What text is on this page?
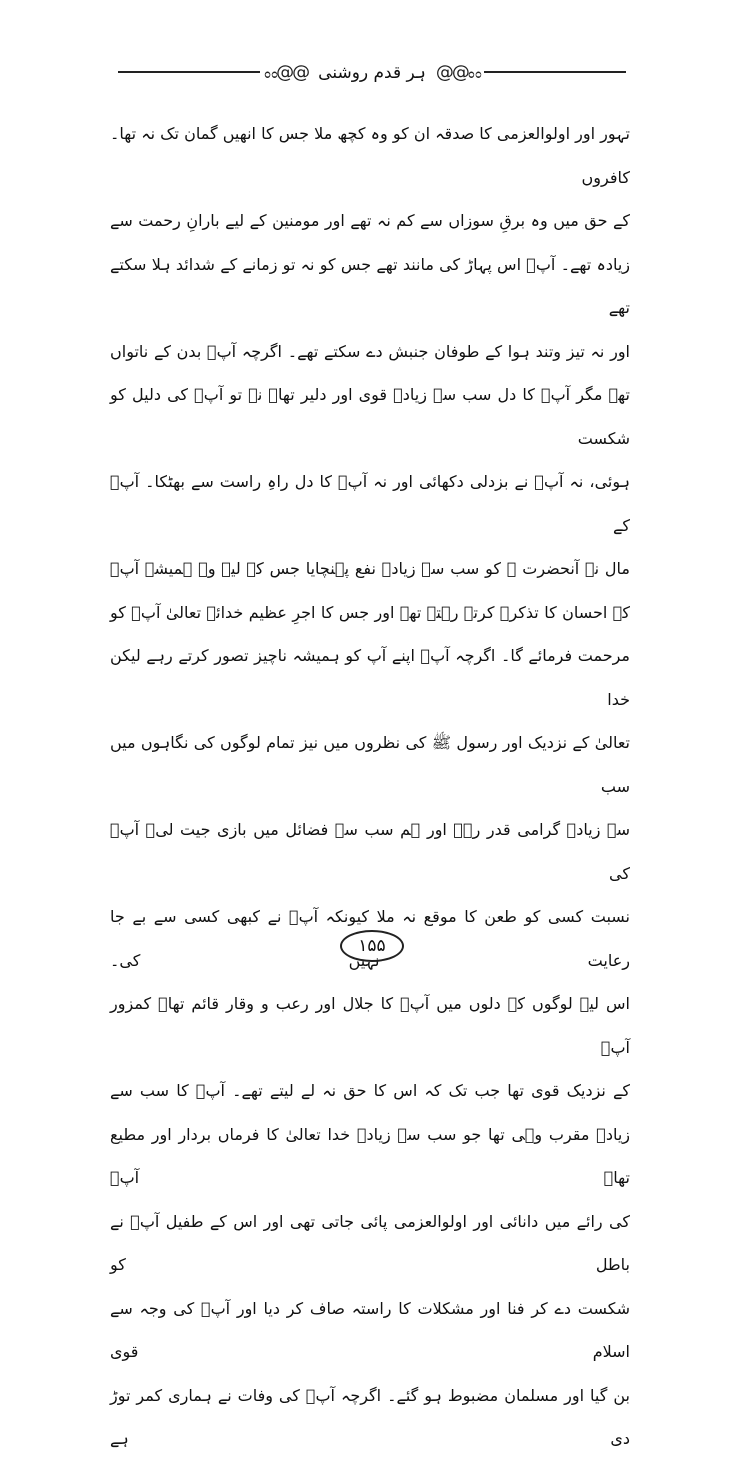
ೲ@@ ہر قدم روشنی @@ೲ
تہور اور اولوالعزمی کا صدقہ ان کو وہ کچھ ملا جس کا انھیں گمان تک نہ تھا۔ کافروں
کے حق میں وہ برقِ سوزاں سے کم نہ تھے اور مومنین کے لیے بارانِ رحمت سے
زیادہ تھے۔ آپؓ اس پہاڑ کی مانند تھے جس کو نہ تو زمانے کے شدائد ہلا سکتے تھے
اور نہ تیز وتند ہوا کے طوفان جنبش دے سکتے تھے۔ اگرچہ آپؓ بدن کے ناتواں
تھے مگر آپؓ کا دل سب سے زیادہ قوی اور دلیر تھا۔ نہ تو آپؓ کی دلیل کو شکست
ہوئی، نہ آپؓ نے بزدلی دکھائی اور نہ آپؓ کا دل راہِ راست سے بھٹکا۔ آپؓ کے
مال نے آنحضرت ﷺ کو سب سے زیادہ نفع پہنچایا جس کے لیے وہ ہمیشہ آپؓ
کے احسان کا تذکرہ کرتے رہتے تھے اور جس کا اجرِ عظیم خدائے تعالیٰ آپؓ کو
مرحمت فرمائے گا۔ اگرچہ آپؓ اپنے آپ کو ہمیشہ ناچیز تصور کرتے رہے لیکن خدا
تعالیٰ کے نزدیک اور رسول ﷺ کی نظروں میں نیز تمام لوگوں کی نگاہوں میں سب
سے زیادہ گرامی قدر رہے اور ہم سب سے فضائل میں بازی جیت لی۔ آپؓ کی
نسبت کسی کو طعن کا موقع نہ ملا کیونکہ آپؓ نے کبھی کسی سے بے جا رعایت نہیں کی۔
اس لیے لوگوں کے دلوں میں آپؓ کا جلال اور رعب و وقار قائم تھا۔ کمزور آپؓ
کے نزدیک قوی تھا جب تک کہ اس کا حق نہ لے لیتے تھے۔ آپؓ کا سب سے
زیادہ مقرب وہی تھا جو سب سے زیادہ خدا تعالیٰ کا فرماں بردار اور مطیع تھا۔ آپؓ
کی رائے میں دانائی اور اولوالعزمی پائی جاتی تھی اور اس کے طفیل آپؓ نے باطل کو
شکست دے کر فنا اور مشکلات کا راستہ صاف کر دیا اور آپؓ کی وجہ سے اسلام قوی
بن گیا اور مسلمان مضبوط ہو گئے۔ اگرچہ آپؓ کی وفات نے ہماری کمر توڑ دی ہے
۱۵۵
